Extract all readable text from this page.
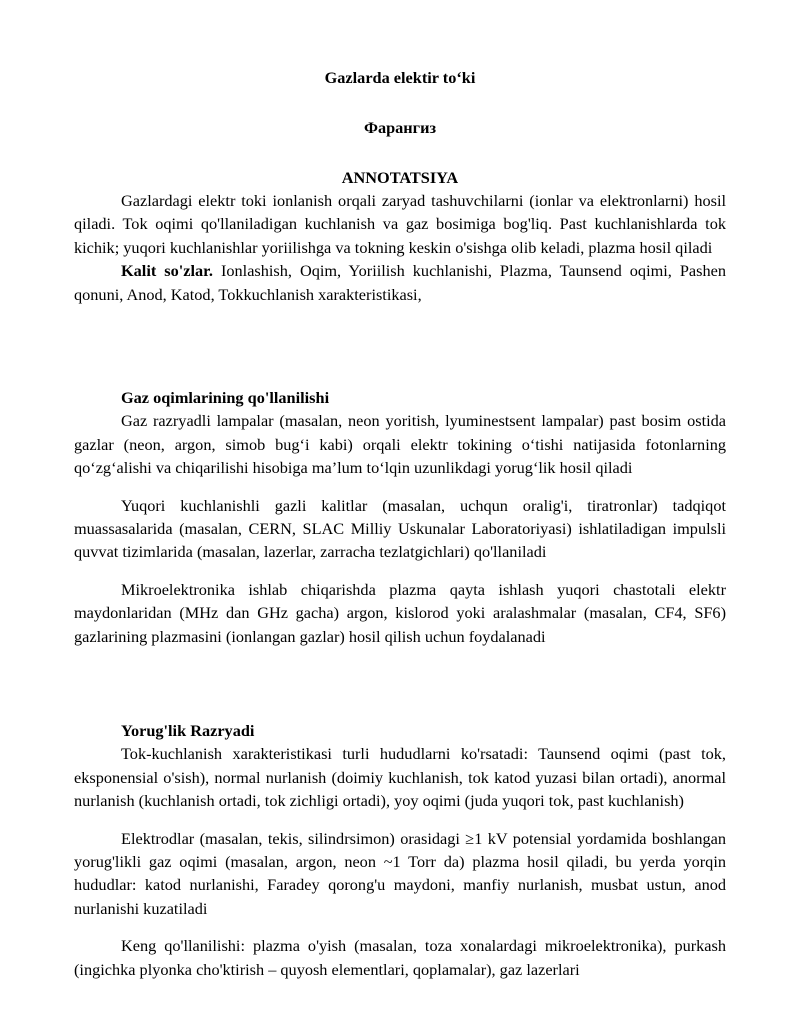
Gazlarda elektir to‘ki

Фарангиз

ANNOTATSIYA

Gazlardagi elektr toki ionlanish orqali zaryad tashuvchilarni (ionlar va elektronlarni) hosil qiladi. Tok oqimi qo'llaniladigan kuchlanish va gaz bosimiga bog'liq. Past kuchlanishlarda tok kichik; yuqori kuchlanishlar yoriilishga va tokning keskin o'sishga olib keladi, plazma hosil qiladi

Kalit so'zlar. Ionlashish, Oqim, Yoriilish kuchlanishi, Plazma, Taunsend oqimi, Pashen qonuni, Anod, Katod, Tokkuchlanish xarakteristikasi,

Gaz oqimlarining qo'llanilishi

Gaz razryadli lampalar (masalan, neon yoritish, lyuminestsent lampalar) past bosim ostida gazlar (neon, argon, simob bug‘i kabi) orqali elektr tokining o‘tishi natijasida fotonlarning qo‘zg‘alishi va chiqarilishi hisobiga ma’lum to‘lqin uzunlikdagi yorug‘lik hosil qiladi

Yuqori kuchlanishli gazli kalitlar (masalan, uchqun oralig'i, tiratronlar) tadqiqot muassasalarida (masalan, CERN, SLAC Milliy Uskunalar Laboratoriyasi) ishlatiladigan impulsli quvvat tizimlarida (masalan, lazerlar, zarracha tezlatgichlari) qo'llaniladi

Mikroelektronika ishlab chiqarishda plazma qayta ishlash yuqori chastotali elektr maydonlaridan (MHz dan GHz gacha) argon, kislorod yoki aralashmalar (masalan, CF4, SF6) gazlarining plazmasini (ionlangan gazlar) hosil qilish uchun foydalanadi

Yorug'lik Razryadi

Tok-kuchlanish xarakteristikasi turli hududlarni ko'rsatadi: Taunsend oqimi (past tok, eksponensial o'sish), normal nurlanish (doimiy kuchlanish, tok katod yuzasi bilan ortadi), anormal nurlanish (kuchlanish ortadi, tok zichligi ortadi), yoy oqimi (juda yuqori tok, past kuchlanish)

Elektrodlar (masalan, tekis, silindrsimon) orasidagi ≥1 kV potensial yordamida boshlangan yorug'likli gaz oqimi (masalan, argon, neon ~1 Torr da) plazma hosil qiladi, bu yerda yorqin hududlar: katod nurlanishi, Faradey qorong'u maydoni, manfiy nurlanish, musbat ustun, anod nurlanishi kuzatiladi

Keng qo'llanilishi: plazma o'yish (masalan, toza xonalardagi mikroelektronika), purkash (ingichka plyonka cho'ktirish – quyosh elementlari, qoplamalar), gaz lazerlari
